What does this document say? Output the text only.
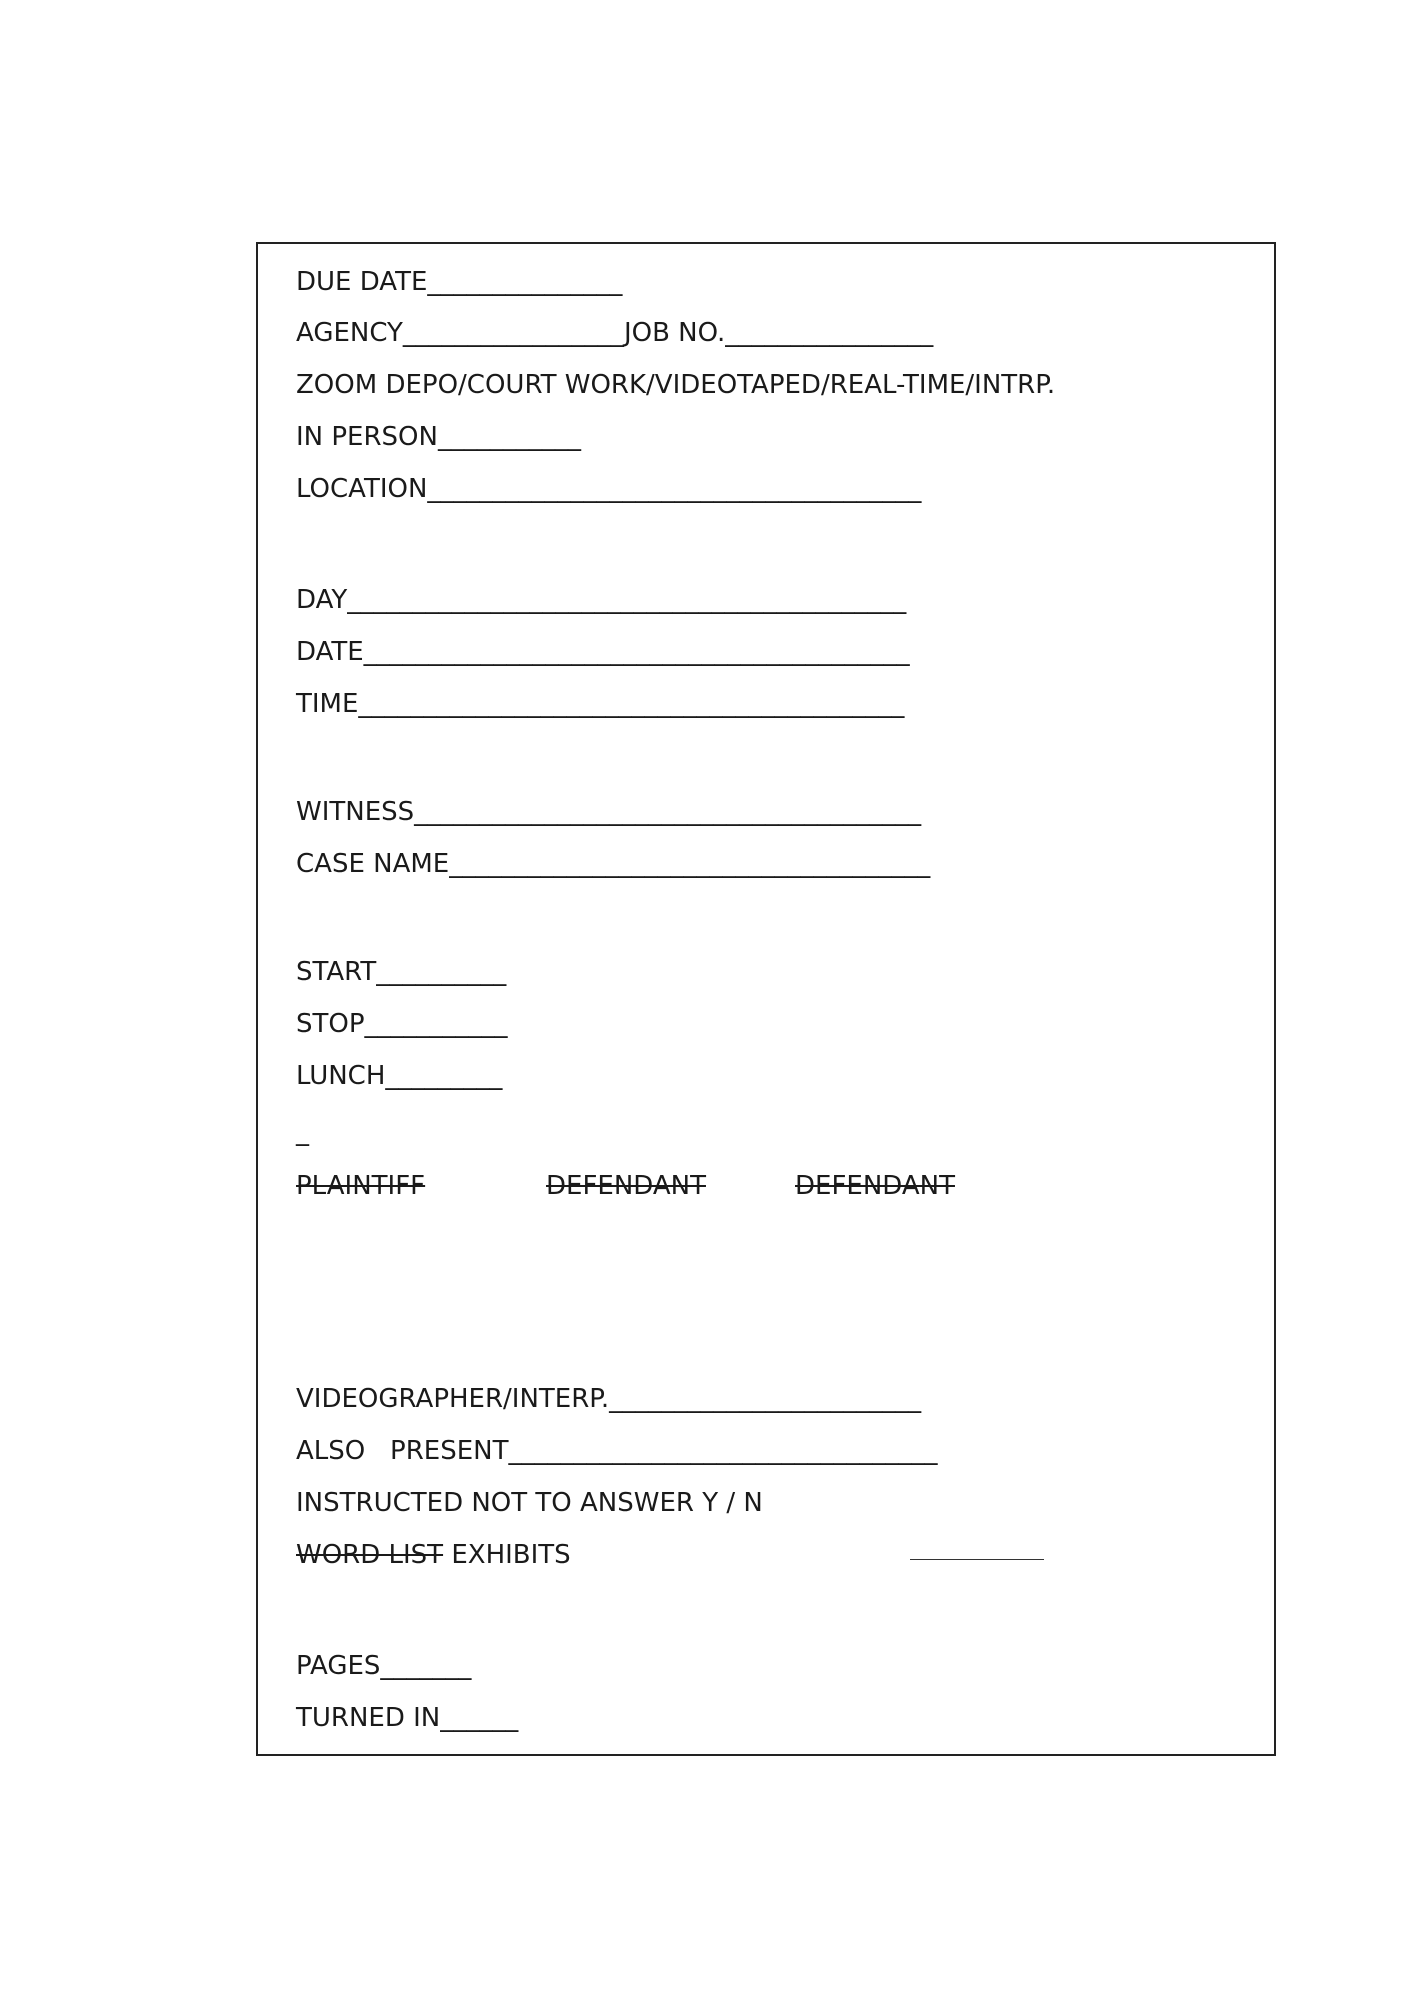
DUE DATE_______________
AGENCY_________________JOB NO.________________
ZOOM DEPO/COURT WORK/VIDEOTAPED/REAL-TIME/INTRP.
IN PERSON___________
LOCATION______________________________________
DAY___________________________________________
DATE__________________________________________
TIME__________________________________________
WITNESS_______________________________________
CASE NAME_____________________________________
START__________
STOP___________
LUNCH_________
_
PLAINTIFF	DEFENDANT	DEFENDANT
VIDEOGRAPHER/INTERP.________________________
ALSO PRESENT_________________________________
INSTRUCTED NOT TO ANSWER Y / N
WORD LIST EXHIBITS
PAGES_______
TURNED IN______
